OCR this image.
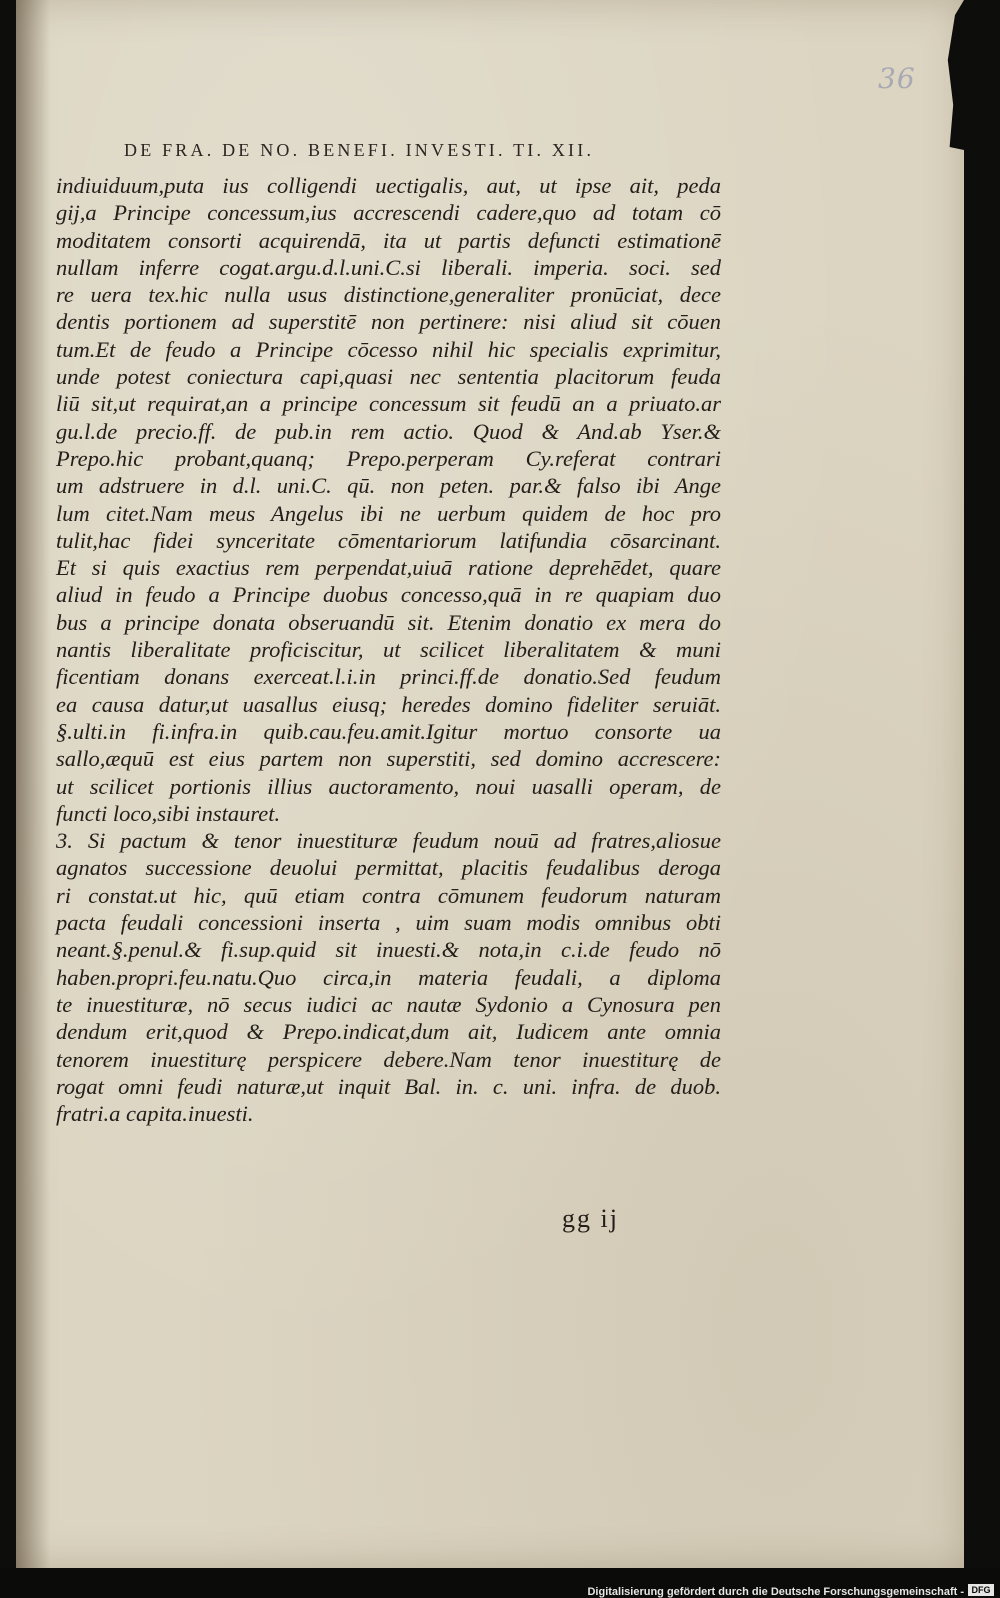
36
DE FRA. DE NO. BENEFI. INVESTI. TI. XII.
indiuiduum,puta ius colligendi uectigalis, aut, ut ipse ait, peda
gij,a Principe concessum,ius accrescendi cadere,quo ad totam cō
moditatem consorti acquirendā, ita ut partis defuncti estimationē
nullam inferre cogat.argu.d.l.uni.C.si liberali. imperia. soci. sed
re uera tex.hic nulla usus distinctione,generaliter pronūciat, dece
dentis portionem ad superstitē non pertinere: nisi aliud sit cōuen
tum.Et de feudo a Principe cōcesso nihil hic specialis exprimitur,
unde potest coniectura capi,quasi nec sententia placitorum feuda
liū sit,ut requirat,an a principe concessum sit feudū an a priuato.ar
gu.l.de precio.ff. de pub.in rem actio. Quod & And.ab Yser.&
Prepo.hic probant,quanq; Prepo.perperam Cy.referat contrari
um adstruere in d.l. uni.C. qū. non peten. par.& falso ibi Ange
lum citet.Nam meus Angelus ibi ne uerbum quidem de hoc pro
tulit,hac fidei synceritate cōmentariorum latifundia cōsarcinant.
Et si quis exactius rem perpendat,uiuā ratione deprehēdet, quare
aliud in feudo a Principe duobus concesso,quā in re quapiam duo
bus a principe donata obseruandū sit. Etenim donatio ex mera do
nantis liberalitate proficiscitur, ut scilicet liberalitatem & muni
ficentiam donans exerceat.l.i.in princi.ff.de donatio.Sed feudum
ea causa datur,ut uasallus eiusq; heredes domino fideliter seruiāt.
§.ulti.in fi.infra.in quib.cau.feu.amit.Igitur mortuo consorte ua
sallo,æquū est eius partem non superstiti, sed domino accrescere:
ut scilicet portionis illius auctoramento, noui uasalli operam, de
functi loco,sibi instauret.
3. Si pactum & tenor inuestituræ feudum nouū ad fratres,aliosue
agnatos successione deuolui permittat, placitis feudalibus deroga
ri constat.ut hic, quū etiam contra cōmunem feudorum naturam
pacta feudali concessioni inserta , uim suam modis omnibus obti
neant.§.penul.& fi.sup.quid sit inuesti.& nota,in c.i.de feudo nō
haben.propri.feu.natu.Quo circa,in materia feudali, a diploma
te inuestituræ, nō secus iudici ac nautæ Sydonio a Cynosura pen
dendum erit,quod & Prepo.indicat,dum ait, Iudicem ante omnia
tenorem inuestiturę perspicere debere.Nam tenor inuestiturę de
rogat omni feudi naturæ,ut inquit Bal. in. c. uni. infra. de duob.
fratri.a capita.inuesti.
gg ij
Digitalisierung gefördert durch die Deutsche Forschungsgemeinschaft - DFG
